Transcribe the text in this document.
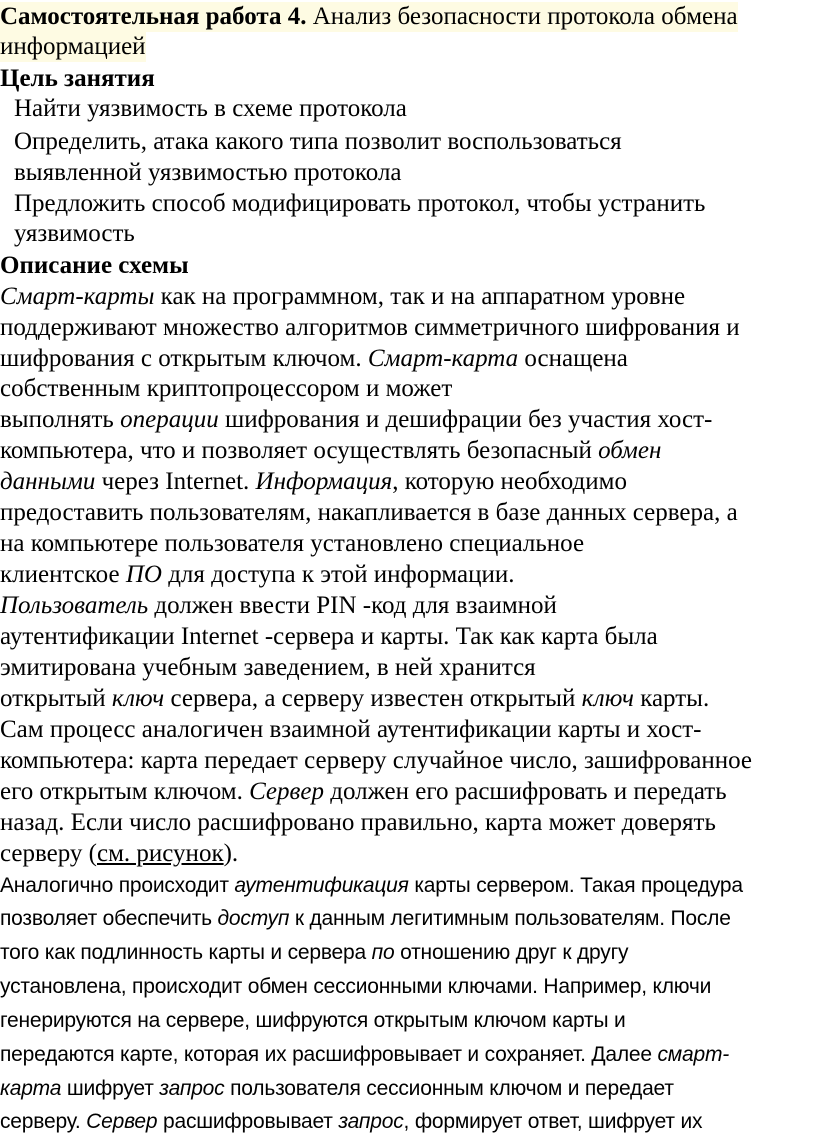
Самостоятельная работа 4. Анализ безопасности протокола обмена
информацией
Цель занятия
Найти уязвимость в схеме протокола
Определить, атака какого типа позволит воспользоваться
выявленной уязвимостью протокола
Предложить способ модифицировать протокол, чтобы устранить
уязвимость
Описание схемы
Смарт-карты как на программном, так и на аппаратном уровне
поддерживают множество алгоритмов симметричного шифрования и
шифрования с открытым ключом. Смарт-карта оснащена
собственным криптопроцессором и может
выполнять операции шифрования и дешифрации без участия хост-
компьютера, что и позволяет осуществлять безопасный обмен
данными через Internet. Информация, которую необходимо
предоставить пользователям, накапливается в базе данных сервера, а
на компьютере пользователя установлено специальное
клиентское ПО для доступа к этой информации.
Пользователь должен ввести PIN -код для взаимной
аутентификации Internet -сервера и карты. Так как карта была
эмитирована учебным заведением, в ней хранится
открытый ключ сервера, а серверу известен открытый ключ карты.
Сам процесс аналогичен взаимной аутентификации карты и хост-
компьютера: карта передает серверу случайное число, зашифрованное
его открытым ключом. Сервер должен его расшифровать и передать
назад. Если число расшифровано правильно, карта может доверять
серверу (см. рисунок).
Аналогично происходит аутентификация карты сервером. Такая процедура
позволяет обеспечить доступ к данным легитимным пользователям. После
того как подлинность карты и сервера по отношению друг к другу
установлена, происходит обмен сессионными ключами. Например, ключи
генерируются на сервере, шифруются открытым ключом карты и
передаются карте, которая их расшифровывает и сохраняет. Далее смарт-
карта шифрует запрос пользователя сессионным ключом и передает
серверу. Сервер расшифровывает запрос, формирует ответ, шифрует их
